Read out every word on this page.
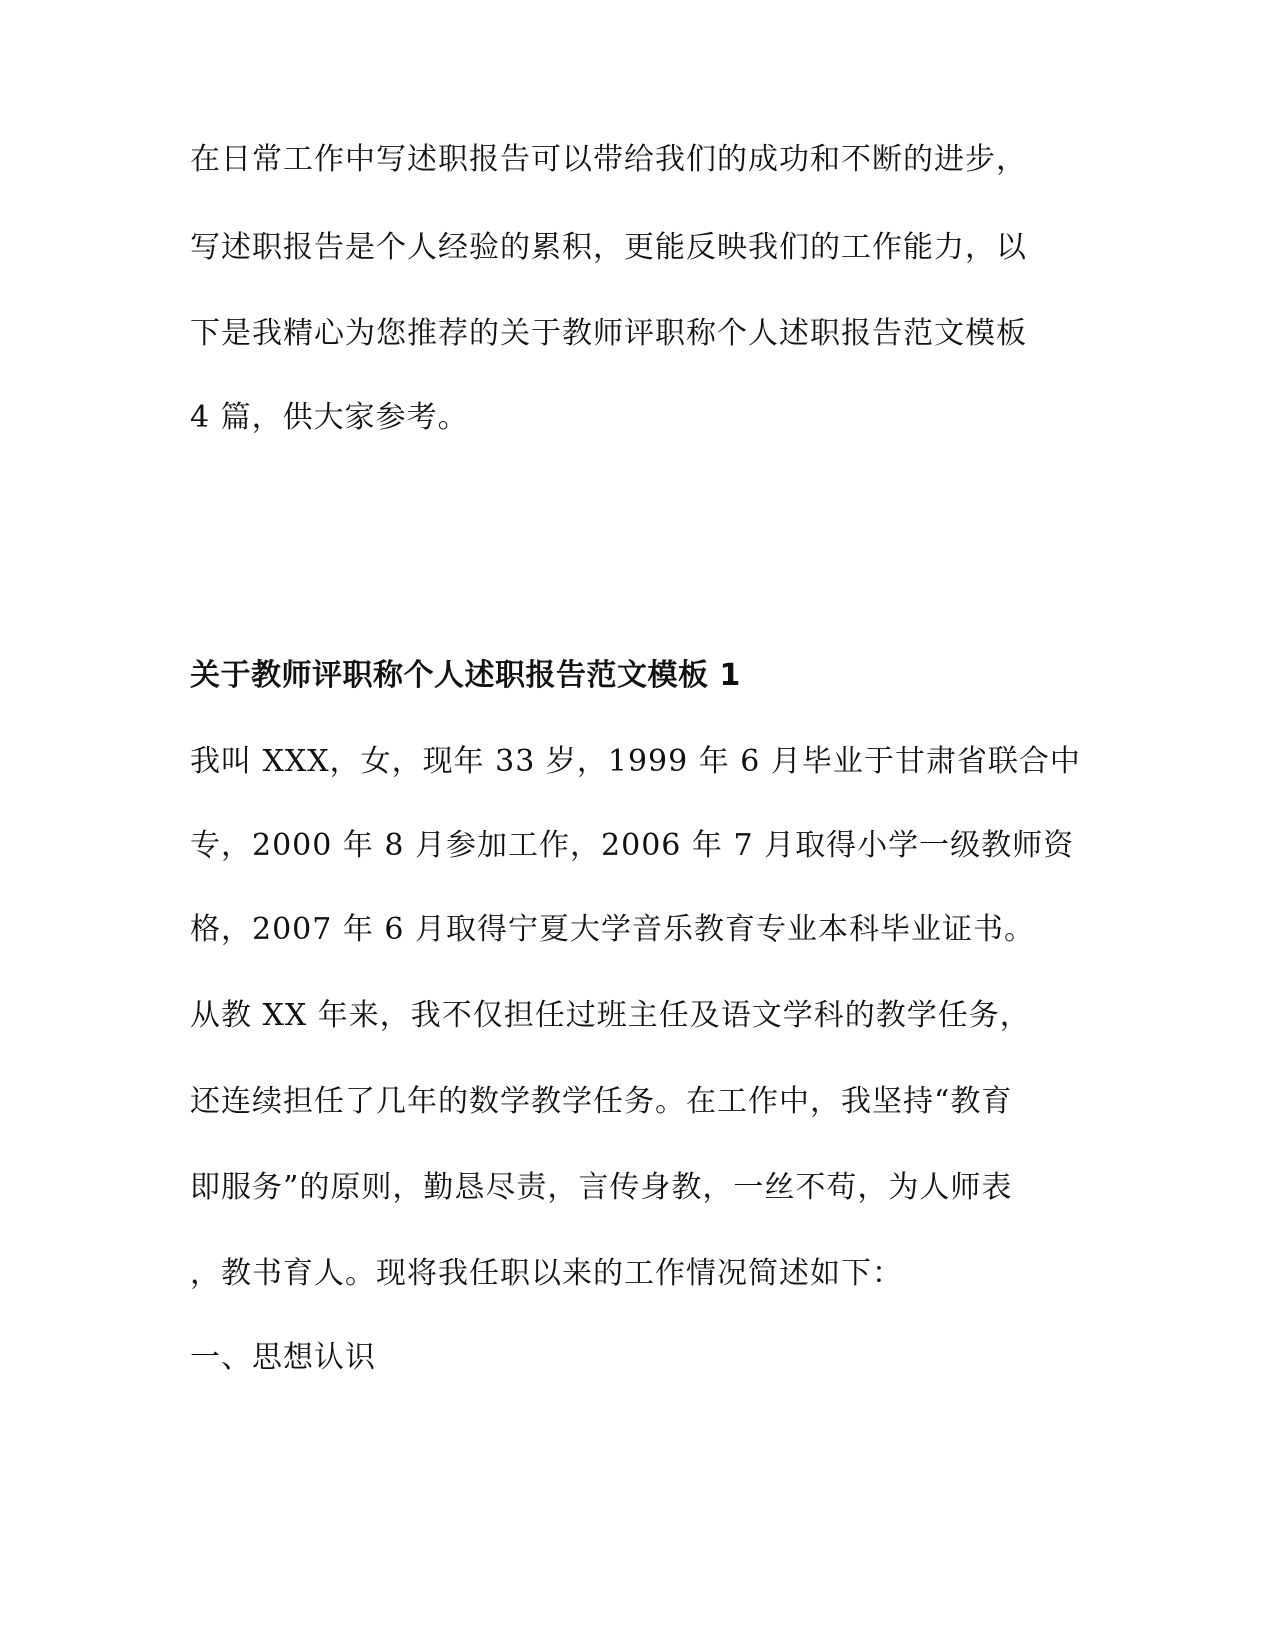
在日常工作中写述职报告可以带给我们的成功和不断的进步，
写述职报告是个人经验的累积，更能反映我们的工作能力，以
下是我精心为您推荐的关于教师评职称个人述职报告范文模板
4 篇，供大家参考。
关于教师评职称个人述职报告范文模板 1
我叫 XXX，女，现年 33 岁，1999 年 6 月毕业于甘肃省联合中
专，2000 年 8 月参加工作，2006 年 7 月取得小学一级教师资
格，2007 年 6 月取得宁夏大学音乐教育专业本科毕业证书。
从教 XX 年来，我不仅担任过班主任及语文学科的教学任务，
还连续担任了几年的数学教学任务。在工作中，我坚持“教育
即服务”的原则，勤恳尽责，言传身教，一丝不苟，为人师表
，教书育人。现将我任职以来的工作情况简述如下：
一、思想认识
